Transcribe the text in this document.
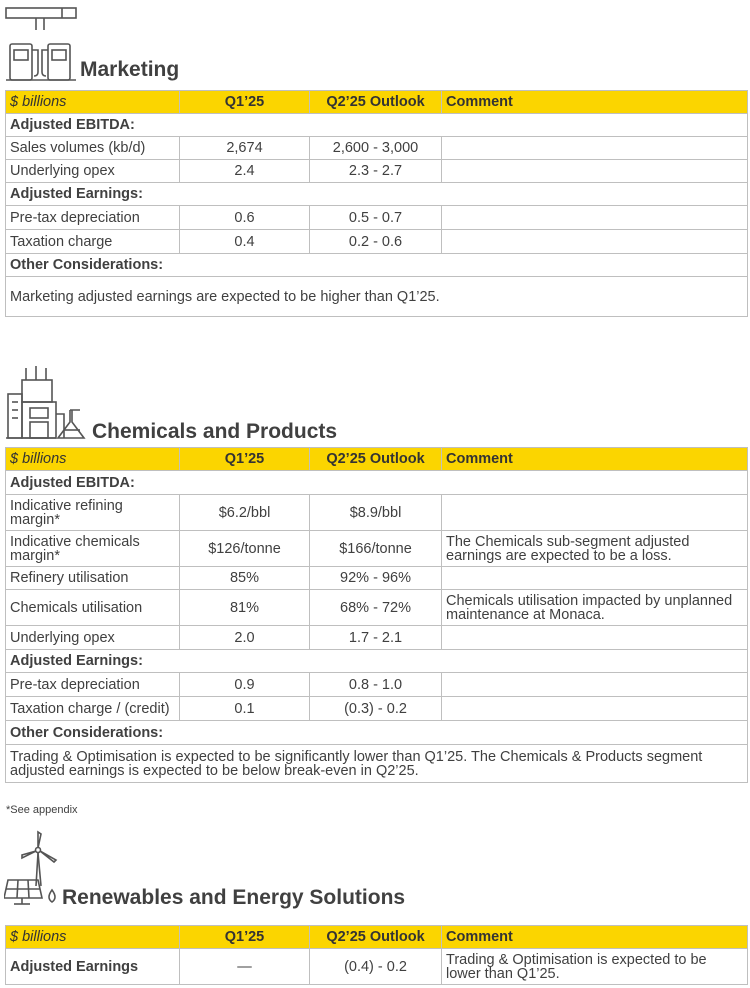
Marketing
$ billions	Q1’25	Q2’25 Outlook	Comment
Adjusted EBITDA:			
Sales volumes (kb/d)	2,674	2,600 - 3,000	
Underlying opex	2.4	2.3 - 2.7	
Adjusted Earnings:			
Pre-tax depreciation	0.6	0.5 - 0.7	
Taxation charge	0.4	0.2 - 0.6	
Other Considerations:			
Marketing adjusted earnings are expected to be higher than Q1’25.			
Chemicals and Products
$ billions	Q1’25	Q2’25 Outlook	Comment
Adjusted EBITDA:			
Indicative refining margin*	$6.2/bbl	$8.9/bbl	
Indicative chemicals margin*	$126/tonne	$166/tonne	The Chemicals sub-segment adjusted earnings are expected to be a loss.
Refinery utilisation	85%	92% - 96%	
Chemicals utilisation	81%	68% - 72%	Chemicals utilisation impacted by unplanned maintenance at Monaca.
Underlying opex	2.0	1.7 - 2.1	
Adjusted Earnings:			
Pre-tax depreciation	0.9	0.8 - 1.0	
Taxation charge / (credit)	0.1	(0.3) - 0.2	
Other Considerations:			
Trading & Optimisation is expected to be significantly lower than Q1’25. The Chemicals & Products segment adjusted earnings is expected to be below break-even in Q2’25.			
*See appendix
Renewables and Energy Solutions
$ billions	Q1’25	Q2’25 Outlook	Comment
Adjusted Earnings	—	(0.4) - 0.2	Trading & Optimisation is expected to be lower than Q1’25.
